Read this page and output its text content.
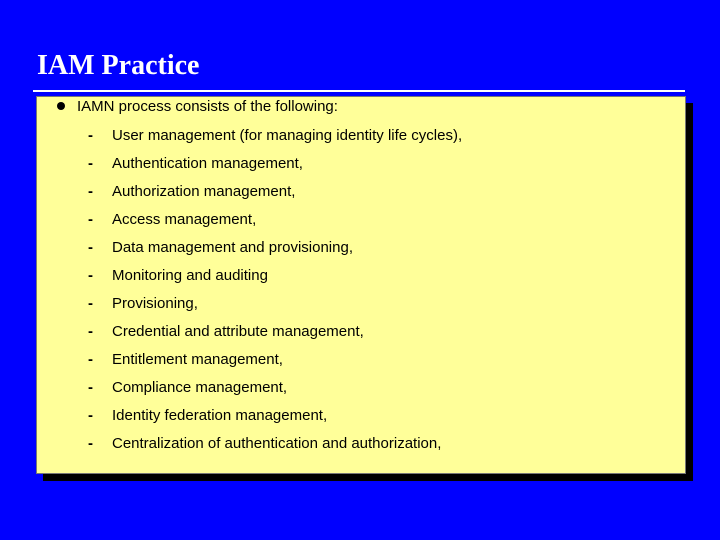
IAM Practice
IAMN process consists of the following:
-	User management (for managing identity life cycles),
-	Authentication management,
-	Authorization management,
-	Access management,
-	Data management and provisioning,
-	Monitoring and auditing
-	Provisioning,
-	Credential and attribute management,
-	Entitlement management,
-	Compliance management,
-	Identity federation management,
-	Centralization of authentication and authorization,
